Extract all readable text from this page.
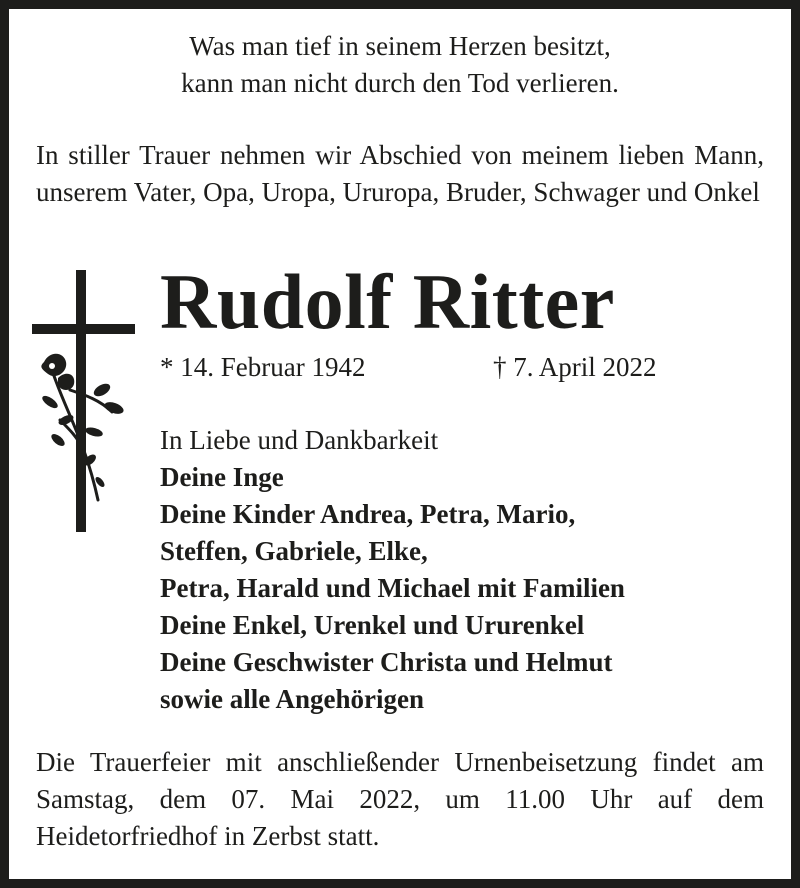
Was man tief in seinem Herzen besitzt,
kann man nicht durch den Tod verlieren.
In stiller Trauer nehmen wir Abschied von meinem lieben Mann, unserem Vater, Opa, Uropa, Ururopa, Bruder, Schwager und Onkel
Rudolf Ritter
* 14. Februar 1942	† 7. April 2022
In Liebe und Dankbarkeit
Deine Inge
Deine Kinder Andrea, Petra, Mario,
Steffen, Gabriele, Elke,
Petra, Harald und Michael mit Familien
Deine Enkel, Urenkel und Ururenkel
Deine Geschwister Christa und Helmut
sowie alle Angehörigen
Die Trauerfeier mit anschließender Urnenbeisetzung findet am Samstag, dem 07. Mai 2022, um 11.00 Uhr auf dem Heidetorfriedhof in Zerbst statt.
